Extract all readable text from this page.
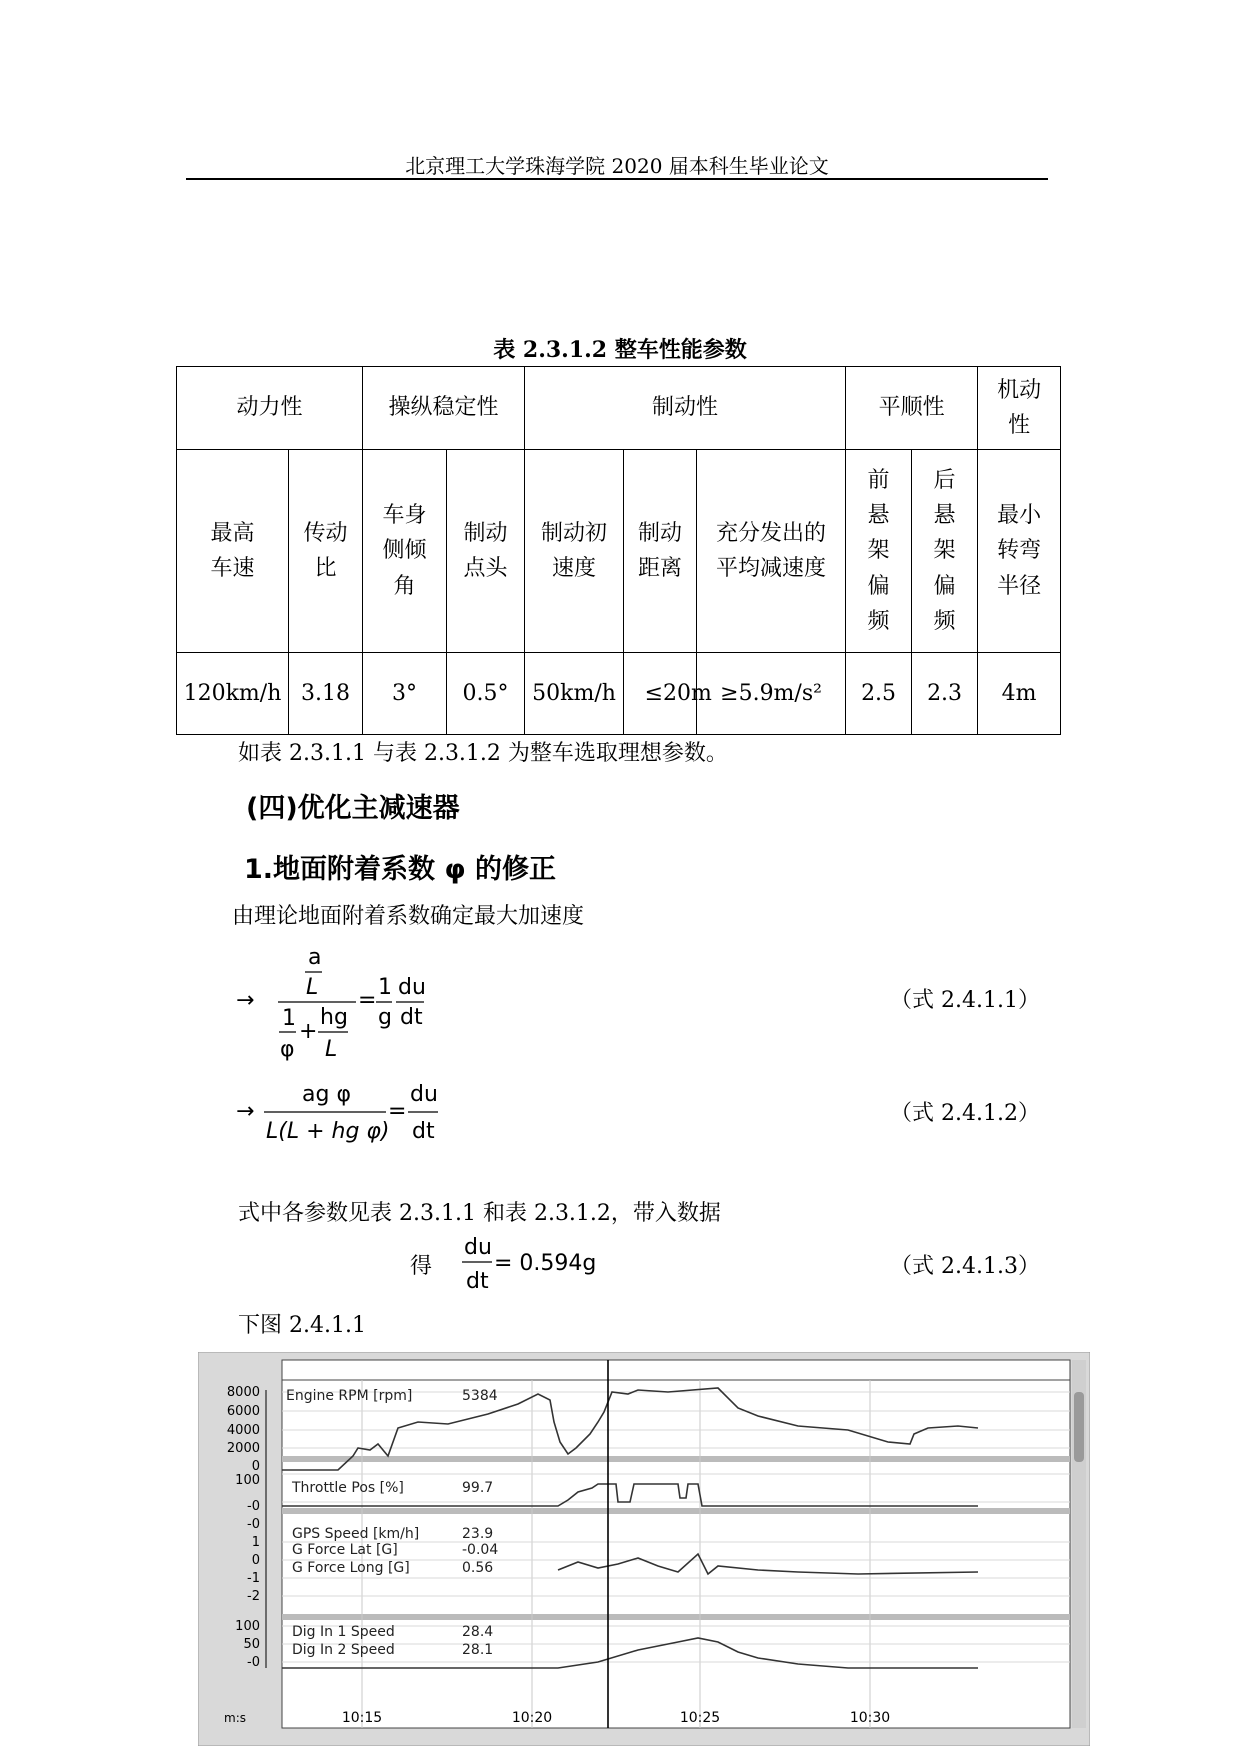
北京理工大学珠海学院 2020 届本科生毕业论文
表 2.3.1.2 整车性能参数
动力性		操纵稳定性		制动性			平顺性		机动性

最高车速	传动比	车身侧倾角	制动点头	制动初速度	制动距离	充分发出的平均减速度	前悬架偏频	后悬架偏频	最小转弯半径

120km/h	3.18	3°	0.5°	50km/h	≤20m	≥5.9m/s²	2.5	2.3	4m
如表 2.3.1.1 与表 2.3.1.2 为整车选取理想参数。
(四)优化主减速器
1.地面附着系数 φ 的修正
由理论地面附着系数确定最大加速度
→
a
L
1
φ
+
hg
L
=
1
g
du
dt
→
ag φ
L(L + hg φ)
=
du
dt
du
dt
= 0.594g
（式 2.4.1.1）
（式 2.4.1.2）
式中各参数见表 2.3.1.1 和表 2.3.1.2，带入数据
得	（式 2.4.1.3）
下图 2.4.1.1
8000
6000
4000
2000
0
100
-0
-0
1
0
-1
-2
100
50
-0
m:s	10:15	10:20	10:25	10:30
Engine RPM [rpm]	5384
Throttle Pos [%]	99.7
GPS Speed [km/h]	23.9
G Force Lat [G]	-0.04
G Force Long [G]	0.56
Dig In 1 Speed	28.4
Dig In 2 Speed	28.1
